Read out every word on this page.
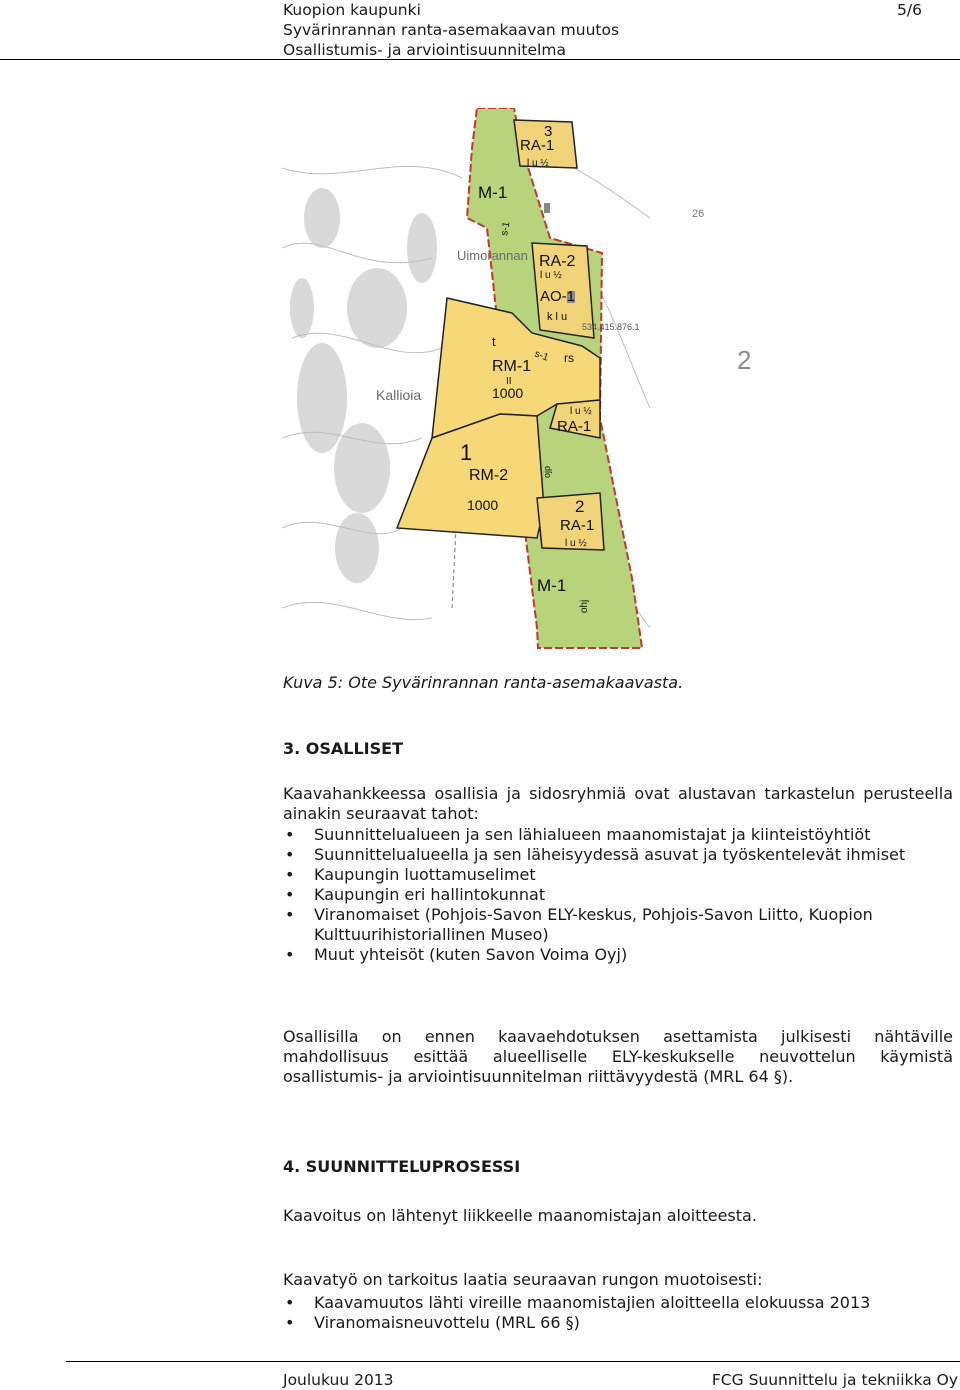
Kuopion kaupunki
Syvärinrannan ranta-asemakaavan muutos
Osallistumis- ja arviointisuunnitelma
5/6
3
RA-1
M-1
Uimorannan RA-2
AO-1
k l u
534.415.876.1
t
rs
Kallioia
RM-1
II
1000
l u ½
RA-1
1
RM-2
1000	2
RA-1
M-1
s-1
s-1
l u ½
l u ½
l u ½
ojp
ohj
2
26
Kuva 5: Ote Syvärinrannan ranta-asemakaavasta.
3. OSALLISET
Kaavahankkeessa osallisia ja sidosryhmiä ovat alustavan tarkastelun perusteella ainakin seuraavat tahot:
• Suunnittelualueen ja sen lähialueen maanomistajat ja kiinteistöyhtiöt
• Suunnittelualueella ja sen läheisyydessä asuvat ja työskentelevät ihmiset
• Kaupungin luottamuselimet
• Kaupungin eri hallintokunnat
• Viranomaiset (Pohjois-Savon ELY-keskus, Pohjois-Savon Liitto, Kuopion Kulttuurihistoriallinen Museo)
• Muut yhteisöt (kuten Savon Voima Oyj)
Osallisilla on ennen kaavaehdotuksen asettamista julkisesti nähtäville mahdollisuus esittää alueelliselle ELY-keskukselle neuvottelun käymistä osallistumis- ja arviointisuunnitelman riittävyydestä (MRL 64 §).
4. SUUNNITTELUPROSESSI
Kaavoitus on lähtenyt liikkeelle maanomistajan aloitteesta.
Kaavatyö on tarkoitus laatia seuraavan rungon muotoisesti:
• Kaavamuutos lähti vireille maanomistajien aloitteella elokuussa 2013
• Viranomaisneuvottelu (MRL 66 §)
Joulukuu 2013	FCG Suunnittelu ja tekniikka Oy
